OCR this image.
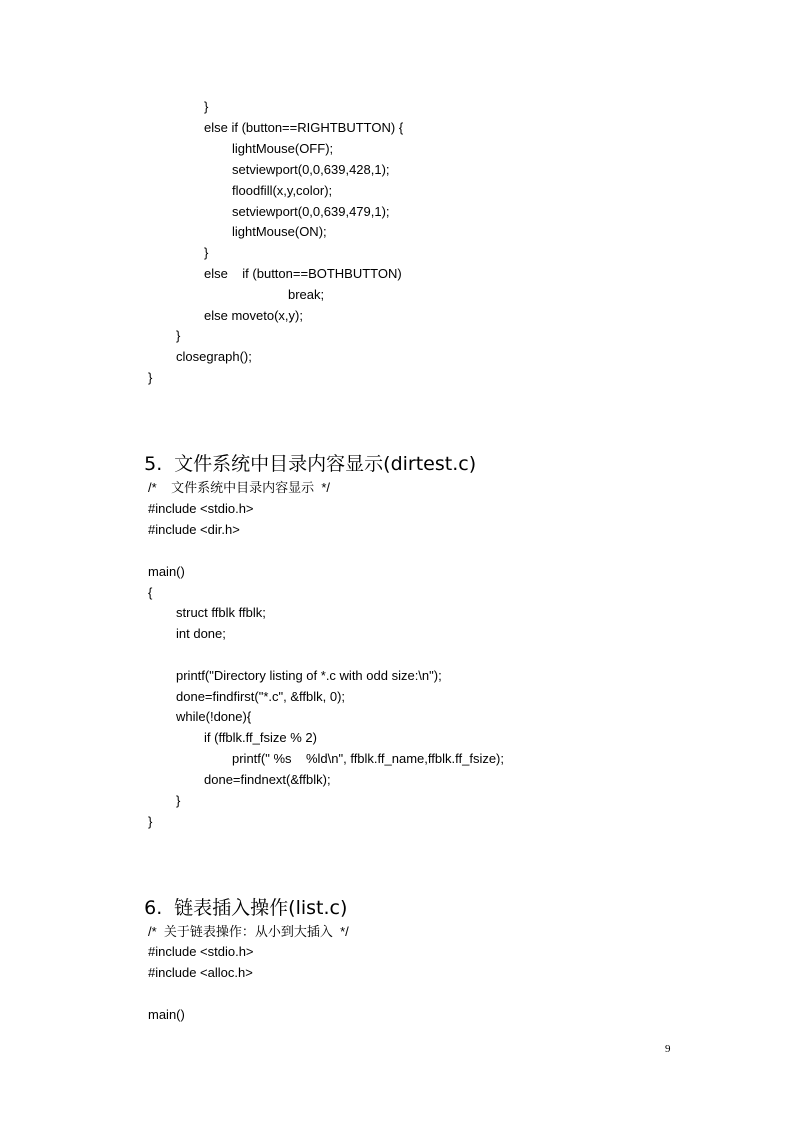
}
else if (button==RIGHTBUTTON) {
lightMouse(OFF);
setviewport(0,0,639,428,1);
floodfill(x,y,color);
setviewport(0,0,639,479,1);
lightMouse(ON);
}
else    if (button==BOTHBUTTON)
break;
else moveto(x,y);
}
closegraph();
}

5. 文件系统中目录内容显示(dirtest.c)

/*    文件系统中目录内容显示  */
#include <stdio.h>
#include <dir.h>
main()
{
struct ffblk ffblk;
int done;
printf("Directory listing of *.c with odd size:\n");
done=findfirst("*.c", &ffblk, 0);
while(!done){
if (ffblk.ff_fsize % 2)
printf(" %s    %ld\n", ffblk.ff_name,ffblk.ff_fsize);
done=findnext(&ffblk);
}
}

6. 链表插入操作(list.c)

/*  关于链表操作：从小到大插入  */
#include <stdio.h>
#include <alloc.h>
main()
9
